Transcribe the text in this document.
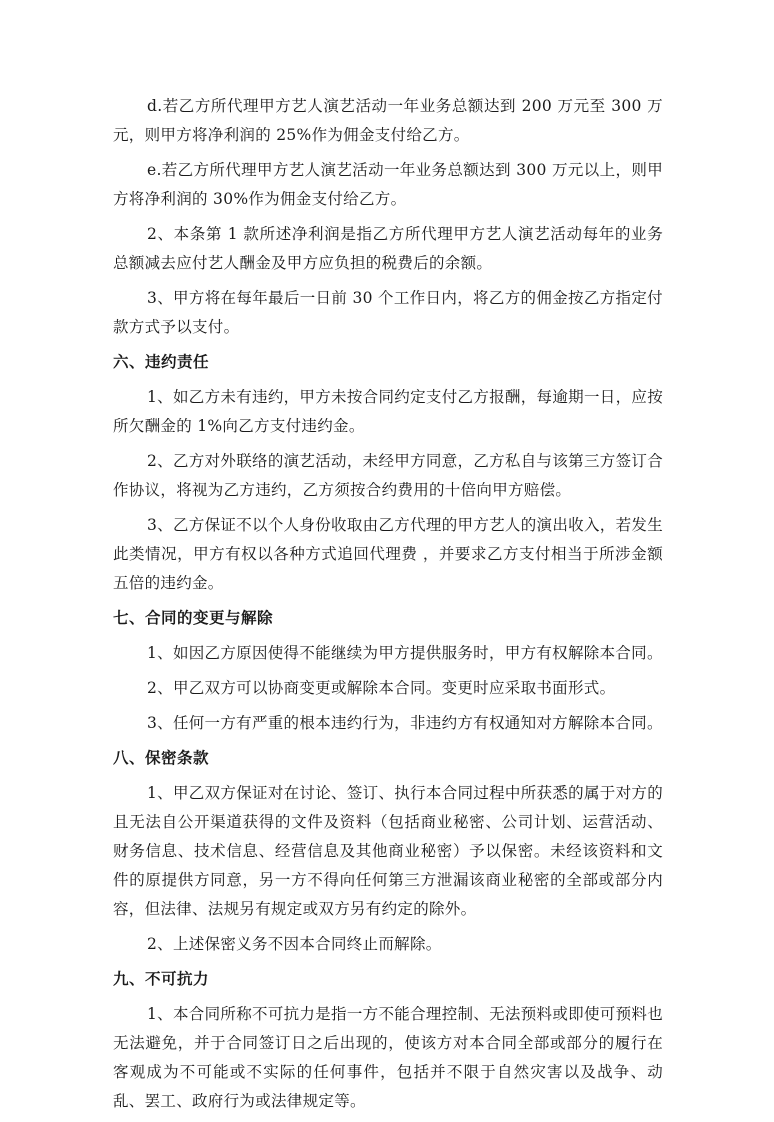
d.若乙方所代理甲方艺人演艺活动一年业务总额达到 200 万元至 300 万元，则甲方将净利润的 25%作为佣金支付给乙方。

e.若乙方所代理甲方艺人演艺活动一年业务总额达到 300 万元以上，则甲方将净利润的 30%作为佣金支付给乙方。

2、本条第 1 款所述净利润是指乙方所代理甲方艺人演艺活动每年的业务总额减去应付艺人酬金及甲方应负担的税费后的余额。

3、甲方将在每年最后一日前 30 个工作日内，将乙方的佣金按乙方指定付款方式予以支付。

六、违约责任

1、如乙方未有违约，甲方未按合同约定支付乙方报酬，每逾期一日，应按所欠酬金的 1%向乙方支付违约金。

2、乙方对外联络的演艺活动，未经甲方同意，乙方私自与该第三方签订合作协议，将视为乙方违约，乙方须按合约费用的十倍向甲方赔偿。

3、乙方保证不以个人身份收取由乙方代理的甲方艺人的演出收入，若发生此类情况，甲方有权以各种方式追回代理费 ，并要求乙方支付相当于所涉金额五倍的违约金。

七、合同的变更与解除

1、如因乙方原因使得不能继续为甲方提供服务时，甲方有权解除本合同。

2、甲乙双方可以协商变更或解除本合同。变更时应采取书面形式。

3、任何一方有严重的根本违约行为，非违约方有权通知对方解除本合同。

八、保密条款

1、甲乙双方保证对在讨论、签订、执行本合同过程中所获悉的属于对方的且无法自公开渠道获得的文件及资料（包括商业秘密、公司计划、运营活动、财务信息、技术信息、经营信息及其他商业秘密）予以保密。未经该资料和文件的原提供方同意，另一方不得向任何第三方泄漏该商业秘密的全部或部分内容，但法律、法规另有规定或双方另有约定的除外。

2、上述保密义务不因本合同终止而解除。

九、不可抗力

1、本合同所称不可抗力是指一方不能合理控制、无法预料或即使可预料也无法避免，并于合同签订日之后出现的，使该方对本合同全部或部分的履行在客观成为不可能或不实际的任何事件，包括并不限于自然灾害以及战争、动乱、罢工、政府行为或法律规定等。
